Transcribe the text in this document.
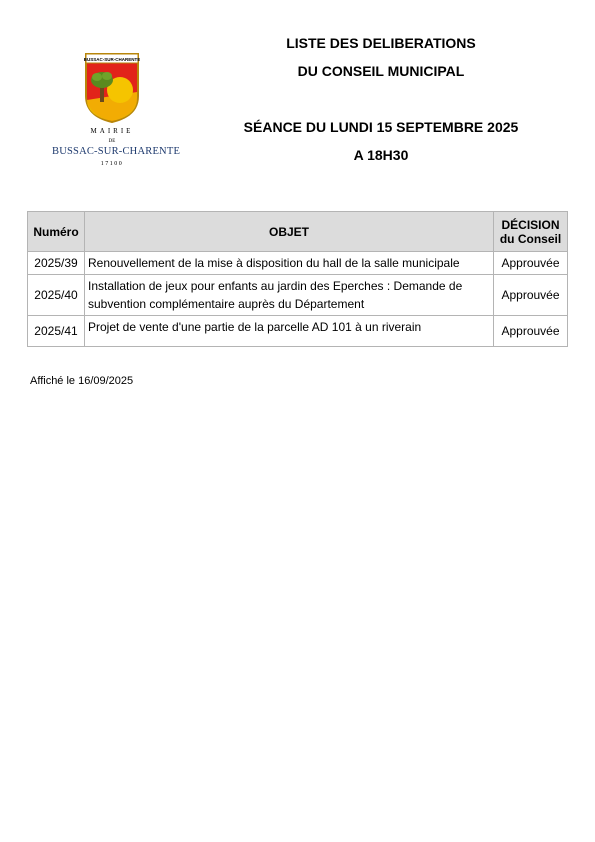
BUSSAC-SUR-CHARENTE
MAIRIE
DE
BUSSAC-SUR-CHARENTE
17100
LISTE DES DELIBERATIONS
DU CONSEIL MUNICIPAL
SÉANCE DU LUNDI 15 SEPTEMBRE 2025
A 18H30
Numéro	OBJET	DÉCISION
du Conseil
2025/39	Renouvellement de la mise à disposition du hall de la salle municipale	Approuvée
2025/40	Installation de jeux pour enfants au jardin des Eperches : Demande de subvention complémentaire auprès du Département	Approuvée
2025/41	Projet de vente d'une partie de la parcelle AD 101 à un riverain	Approuvée
Affiché le 16/09/2025
